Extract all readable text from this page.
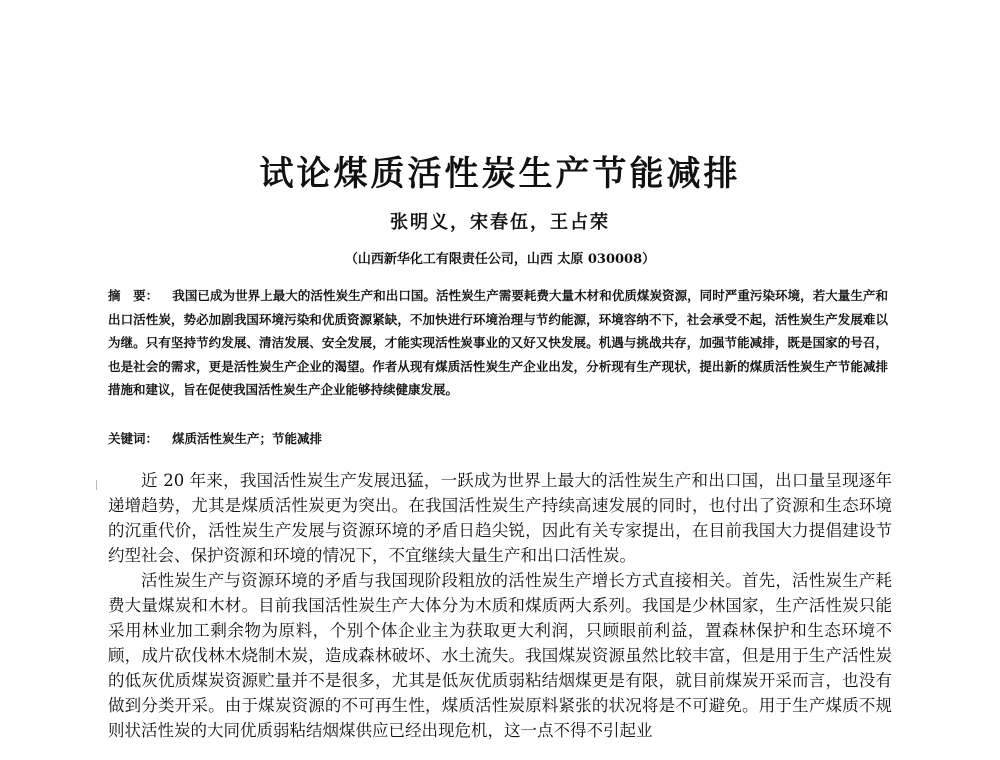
试论煤质活性炭生产节能减排
张明义，宋春伍，王占荣
（山西新华化工有限责任公司，山西 太原 030008）
摘　要： 我国已成为世界上最大的活性炭生产和出口国。活性炭生产需要耗费大量木材和优质煤炭资源，同时严重污染环境，若大量生产和出口活性炭，势必加剧我国环境污染和优质资源紧缺，不加快进行环境治理与节约能源，环境容纳不下，社会承受不起，活性炭生产发展难以为继。只有坚持节约发展、清洁发展、安全发展，才能实现活性炭事业的又好又快发展。机遇与挑战共存，加强节能减排，既是国家的号召，也是社会的需求，更是活性炭生产企业的渴望。作者从现有煤质活性炭生产企业出发，分析现有生产现状，提出新的煤质活性炭生产节能减排措施和建议，旨在促使我国活性炭生产企业能够持续健康发展。
关键词： 煤质活性炭生产；节能减排

近 20 年来，我国活性炭生产发展迅猛，一跃成为世界上最大的活性炭生产和出口国，出口量呈现逐年递增趋势，尤其是煤质活性炭更为突出。在我国活性炭生产持续高速发展的同时，也付出了资源和生态环境的沉重代价，活性炭生产发展与资源环境的矛盾日趋尖锐，因此有关专家提出，在目前我国大力提倡建设节约型社会、保护资源和环境的情况下，不宜继续大量生产和出口活性炭。

活性炭生产与资源环境的矛盾与我国现阶段粗放的活性炭生产增长方式直接相关。首先，活性炭生产耗费大量煤炭和木材。目前我国活性炭生产大体分为木质和煤质两大系列。我国是少林国家，生产活性炭只能采用林业加工剩余物为原料，个别个体企业主为获取更大利润，只顾眼前利益，置森林保护和生态环境不顾，成片砍伐林木烧制木炭，造成森林破坏、水土流失。我国煤炭资源虽然比较丰富，但是用于生产活性炭的低灰优质煤炭资源贮量并不是很多，尤其是低灰优质弱粘结烟煤更是有限，就目前煤炭开采而言，也没有做到分类开采。由于煤炭资源的不可再生性，煤质活性炭原料紧张的状况将是不可避免。用于生产煤质不规则状活性炭的大同优质弱粘结烟煤供应已经出现危机，这一点不得不引起业
